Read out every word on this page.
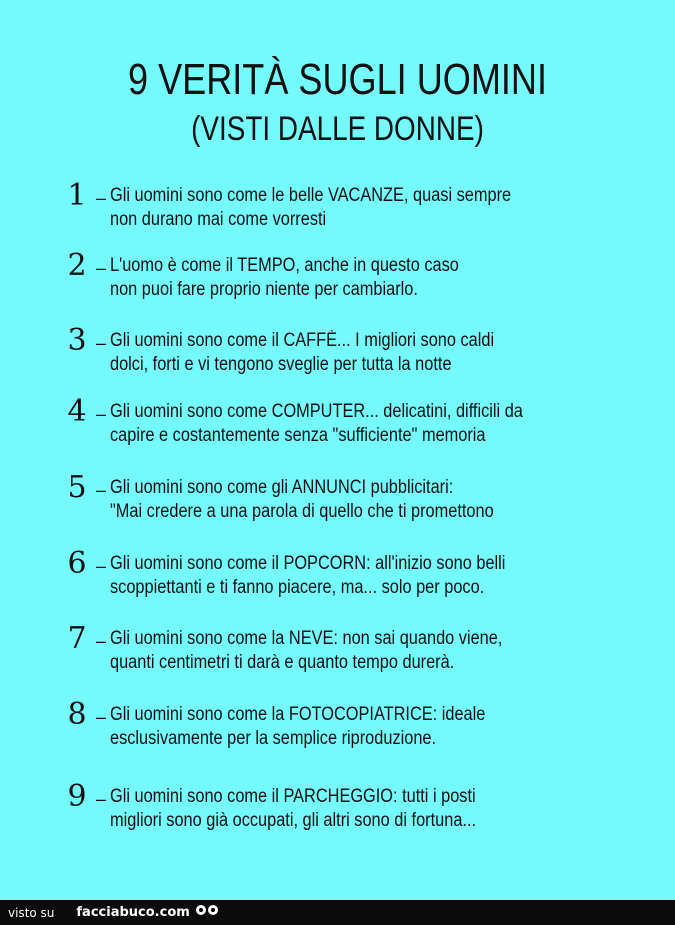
9 VERITÀ SUGLI UOMINI
(VISTI DALLE DONNE)
1 – Gli uomini sono come le belle VACANZE, quasi sempre
non durano mai come vorresti
2 – L'uomo è come il TEMPO, anche in questo caso
non puoi fare proprio niente per cambiarlo.
3 – Gli uomini sono come il CAFFÈ... I migliori sono caldi
dolci, forti e vi tengono sveglie per tutta la notte
4 – Gli uomini sono come COMPUTER... delicatini, difficili da
capire e costantemente senza "sufficiente" memoria
5 – Gli uomini sono come gli ANNUNCI pubblicitari:
"Mai credere a una parola di quello che ti promettono
6 – Gli uomini sono come il POPCORN: all'inizio sono belli
scoppiettanti e ti fanno piacere, ma... solo per poco.
7 – Gli uomini sono come la NEVE: non sai quando viene,
quanti centimetri ti darà e quanto tempo durerà.
8 – Gli uomini sono come la FOTOCOPIATRICE: ideale
esclusivamente per la semplice riproduzione.
9 – Gli uomini sono come il PARCHEGGIO: tutti i posti
migliori sono già occupati, gli altri sono di fortuna...
visto su facciabuco.com
